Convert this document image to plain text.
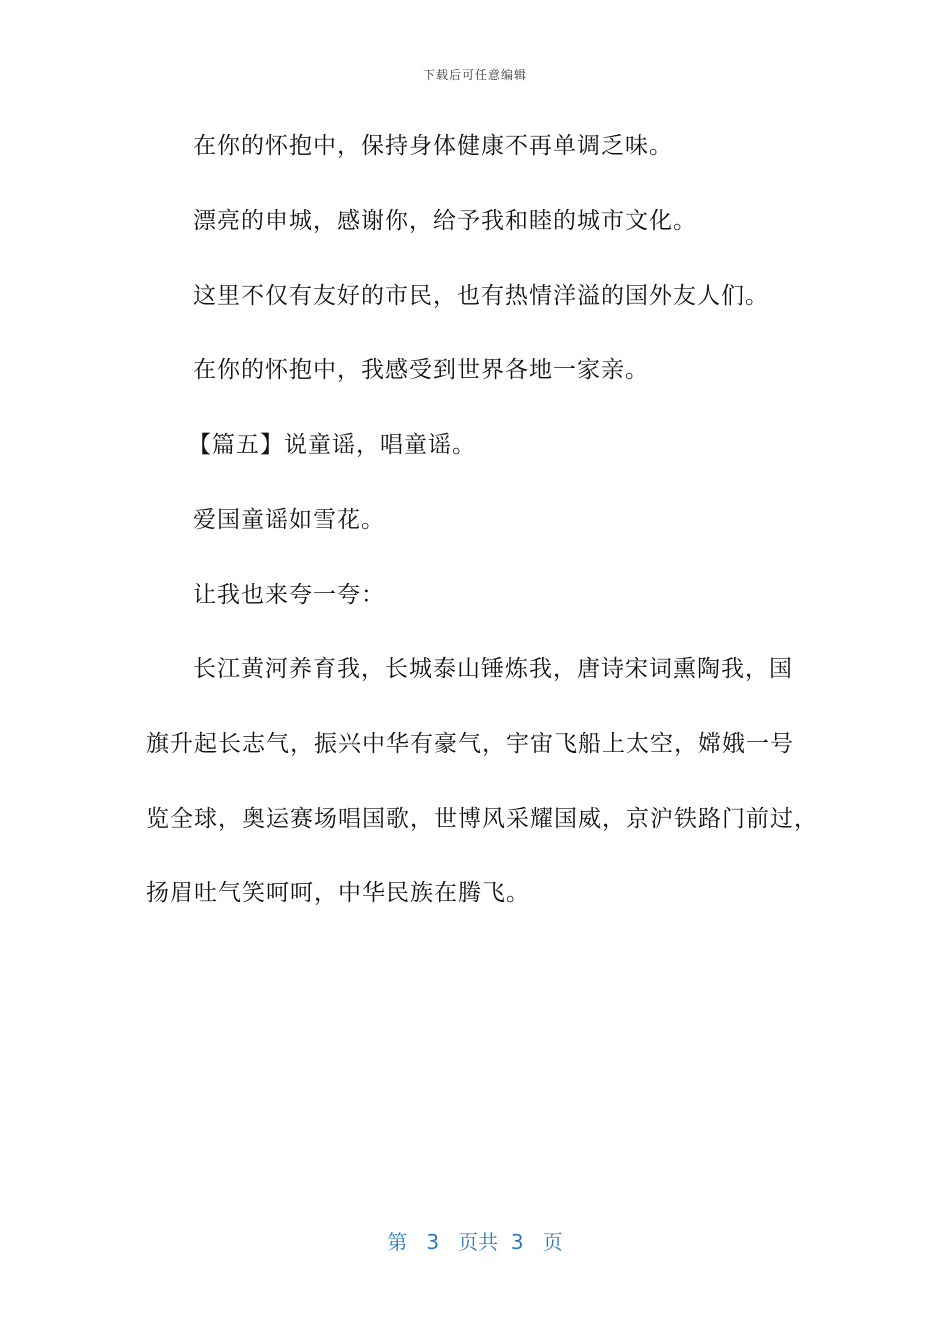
下载后可任意编辑
在你的怀抱中，保持身体健康不再单调乏味。
漂亮的申城，感谢你，给予我和睦的城市文化。
这里不仅有友好的市民，也有热情洋溢的国外友人们。
在你的怀抱中，我感受到世界各地一家亲。
【篇五】说童谣，唱童谣。
爱国童谣如雪花。
让我也来夸一夸：
长江黄河养育我，长城泰山锤炼我，唐诗宋词熏陶我，国
旗升起长志气，振兴中华有豪气，宇宙飞船上太空，嫦娥一号
览全球，奥运赛场唱国歌，世博风采耀国威，京沪铁路门前过，
扬眉吐气笑呵呵，中华民族在腾飞。
第 3 页共 3 页
